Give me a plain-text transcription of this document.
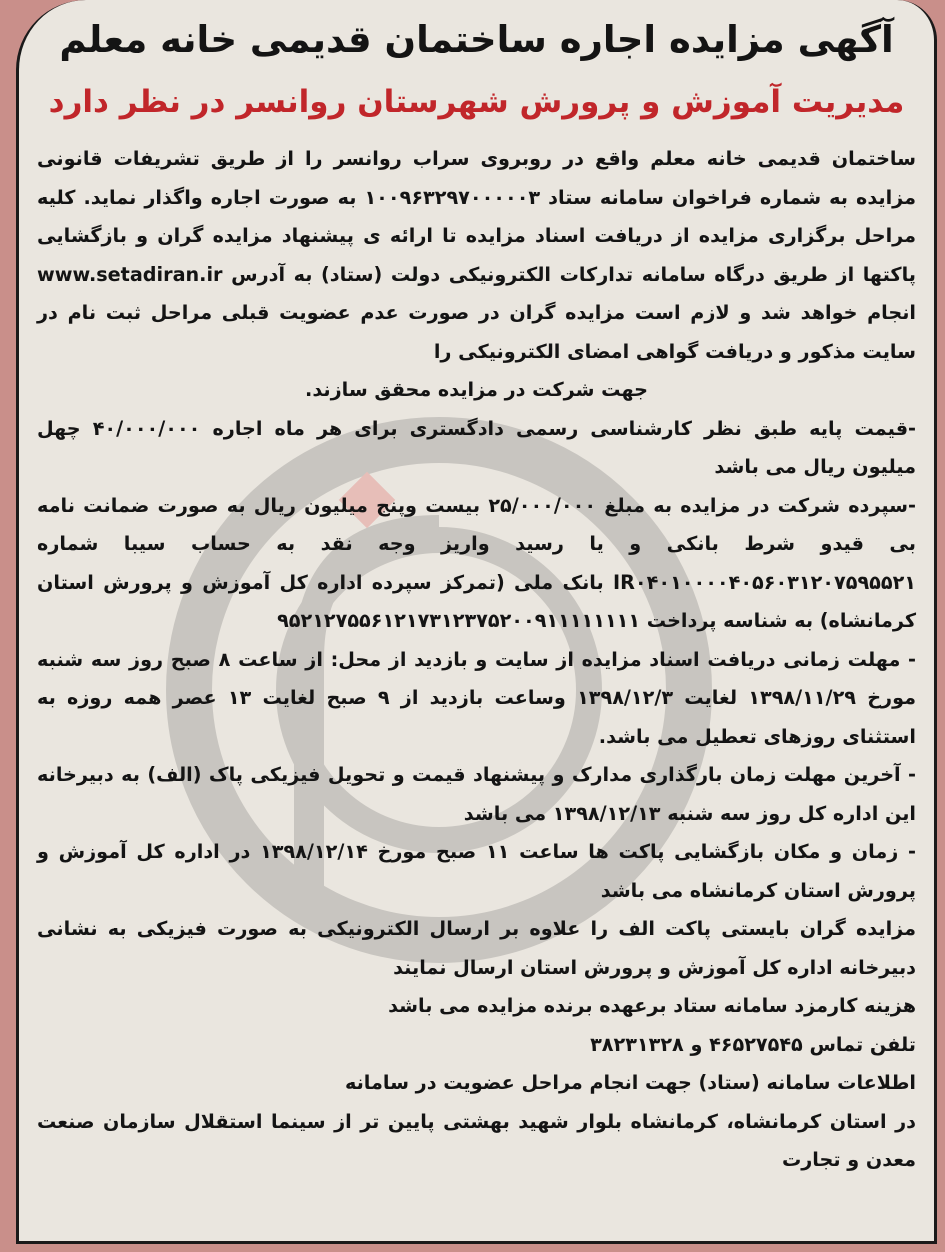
آگهی مزایده اجاره ساختمان قدیمی خانه معلم
مدیریت آموزش و پرورش شهرستان روانسر در نظر دارد

ساختمان قدیمی خانه معلم واقع در روبروی سراب روانسر را از طریق تشریفات قانونی مزایده به شماره فراخوان سامانه ستاد ۱۰۰۹۶۳۲۹۷۰۰۰۰۰۳ به صورت اجاره واگذار نماید. کلیه مراحل برگزاری مزایده از دریافت اسناد مزایده تا ارائه ی پیشنهاد مزایده گران و بازگشایی پاکتها از طریق درگاه سامانه تدارکات الکترونیکی دولت (ستاد) به آدرس www.setadiran.ir انجام خواهد شد و لازم است مزایده گران در صورت عدم عضویت قبلی مراحل ثبت نام در سایت مذکور و دریافت گواهی امضای الکترونیکی را

جهت شرکت در مزایده محقق سازند.

-قیمت پایه طبق نظر کارشناسی رسمی دادگستری برای هر ماه اجاره ۴۰/۰۰۰/۰۰۰ چهل میلیون ریال می باشد

-سپرده شرکت در مزایده به مبلغ ۲۵/۰۰۰/۰۰۰ بیست وپنج میلیون ریال به صورت ضمانت نامه بی قیدو شرط بانکی و یا رسید واریز وجه نقد به حساب سیبا شماره IR۰۴۰۱۰۰۰۰۴۰۵۶۰۳۱۲۰۷۵۹۵۵۲۱ بانک ملی (تمرکز سپرده اداره کل آموزش و پرورش استان کرمانشاه) به شناسه پرداخت ۹۵۲۱۲۷۵۵۶۱۲۱۷۳۱۲۳۷۵۲۰۰۹۱۱۱۱۱۱۱۱

- مهلت زمانی دریافت اسناد مزایده از سایت و بازدید از محل: از ساعت ۸ صبح روز سه شنبه مورخ ۱۳۹۸/۱۱/۲۹ لغایت ۱۳۹۸/۱۲/۳ وساعت بازدید از ۹ صبح لغایت ۱۳ عصر همه روزه به استثنای روزهای تعطیل می باشد.

- آخرین مهلت زمان بارگذاری مدارک و پیشنهاد قیمت و تحویل فیزیکی پاک (الف) به دبیرخانه این اداره کل روز سه شنبه ۱۳۹۸/۱۲/۱۳ می باشد

- زمان و مکان بازگشایی پاکت ها ساعت ۱۱ صبح مورخ ۱۳۹۸/۱۲/۱۴ در اداره کل آموزش و پرورش استان کرمانشاه می باشد

مزایده گران بایستی پاکت الف را علاوه بر ارسال الکترونیکی به صورت فیزیکی به نشانی دبیرخانه اداره کل آموزش و پرورش استان ارسال نمایند

هزینه کارمزد سامانه ستاد برعهده برنده مزایده می باشد

تلفن تماس ۴۶۵۲۷۵۴۵ و ۳۸۲۳۱۳۲۸

اطلاعات سامانه (ستاد) جهت انجام مراحل عضویت در سامانه

در استان کرمانشاه، کرمانشاه بلوار شهید بهشتی پایین تر از سینما استقلال سازمان صنعت معدن و تجارت
